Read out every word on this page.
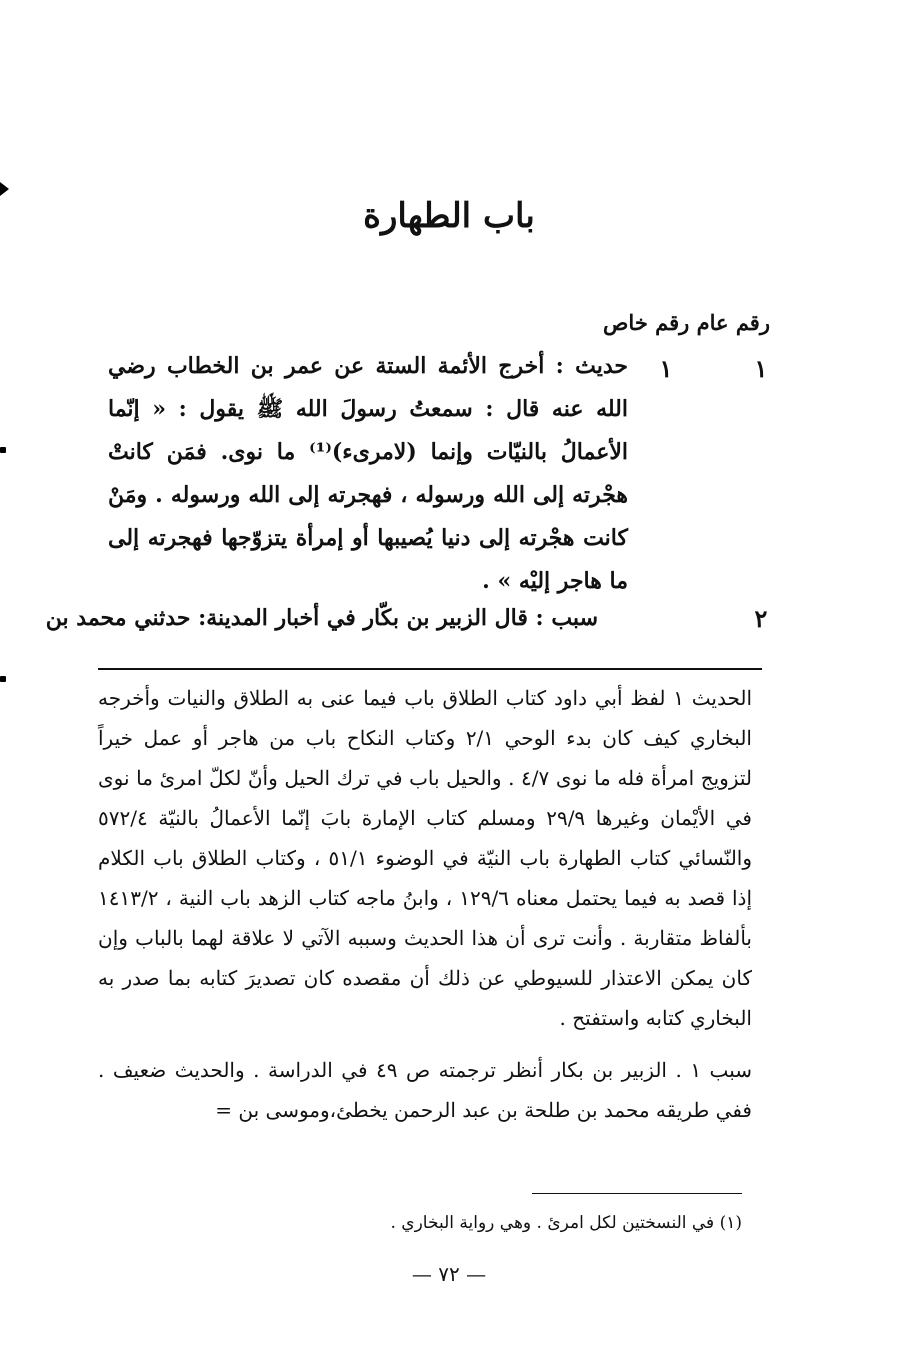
باب الطهارة
رقم عام رقم خاص
١
١
حديث : أخرج الأئمة الستة عن عمر بن الخطاب رضي الله عنه قال : سمعتُ رسولَ الله ﷺ يقول : « إنّما الأعمالُ بالنيّات وإنما (لامرىء)⁽¹⁾ ما نوى. فمَن كانتْ هجْرته إلى الله ورسوله ، فهجرته إلى الله ورسوله . ومَنْ كانت هجْرته إلى دنيا يُصيبها أو إمرأة يتزوّجها فهجرته إلى ما هاجر إليْه » .
٢
سبب : قال الزبير بن بكّار في أخبار المدينة: حدثني محمد بن

الحديث ١ لفظ أبي داود كتاب الطلاق باب فيما عنى به الطلاق والنيات وأخرجه البخاري كيف كان بدء الوحي ٢/١ وكتاب النكاح باب من هاجر أو عمل خيراً لتزويج امرأة فله ما نوى ٤/٧ . والحيل باب في ترك الحيل وأنّ لكلّ امرئ ما نوى في الأيْمان وغيرها ٢٩/٩ ومسلم كتاب الإمارة بابَ إنّما الأعمالُ بالنيّة ٥٧٢/٤ والنّسائي كتاب الطهارة باب النيّة في الوضوء ٥١/١ ، وكتاب الطلاق باب الكلام إذا قصد به فيما يحتمل معناه ١٢٩/٦ ، وابنُ ماجه كتاب الزهد باب النية ، ١٤١٣/٢ بألفاظ متقاربة . وأنت ترى أن هذا الحديث وسببه الآتي لا علاقة لهما بالباب وإن كان يمكن الاعتذار للسيوطي عن ذلك أن مقصده كان تصديرَ كتابه بما صدر به البخاري كتابه واستفتح .

سبب ١ . الزبير بن بكار أنظر ترجمته ص ٤٩ في الدراسة . والحديث ضعيف . ففي طريقه محمد بن طلحة بن عبد الرحمن يخطئ،وموسى بن =

(١) في النسختين لكل امرئ . وهي رواية البخاري .
— ٧٢ —
